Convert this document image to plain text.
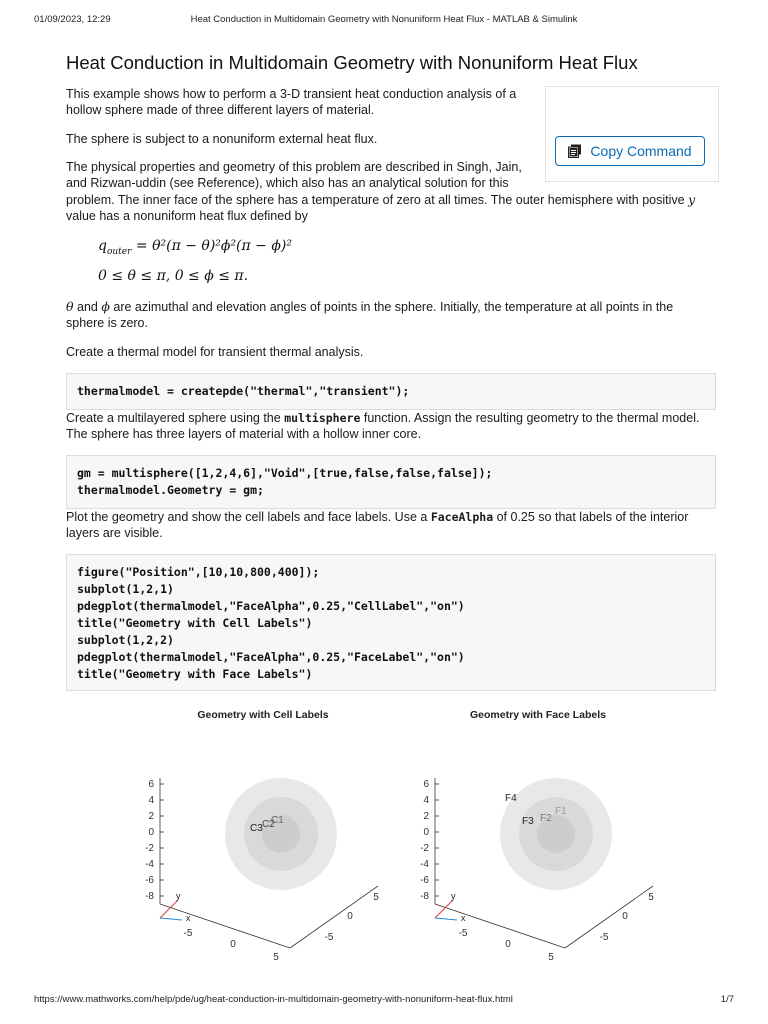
01/09/2023, 12:29	Heat Conduction in Multidomain Geometry with Nonuniform Heat Flux - MATLAB & Simulink
Heat Conduction in Multidomain Geometry with Nonuniform Heat Flux

This example shows how to perform a 3-D transient heat conduction analysis of a hollow sphere made of three different layers of material.

The sphere is subject to a nonuniform external heat flux.

The physical properties and geometry of this problem are described in Singh, Jain,
and Rizwan-uddin (see Reference), which also has an analytical solution for this
problem. The inner face of the sphere has a temperature of zero at all times. The outer hemisphere with positive y
value has a nonuniform heat flux defined by
Copy Command
$q_{outer} = \theta^2(\pi - \theta)^2\phi^2(\pi - \phi)^2$
0 ≤ θ ≤ π, 0 ≤ ϕ ≤ π.
θ and ϕ are azimuthal and elevation angles of points in the sphere. Initially, the temperature at all points in the
sphere is zero.

Create a thermal model for transient thermal analysis.

thermalmodel = createpde("thermal","transient");
Create a multilayered sphere using the multisphere function. Assign the resulting geometry to the thermal model.
The sphere has three layers of material with a hollow inner core.
gm = multisphere([1,2,4,6],"Void",[true,false,false,false]);
thermalmodel.Geometry = gm;
Plot the geometry and show the cell labels and face labels. Use a FaceAlpha of 0.25 so that labels of the interior
layers are visible.
figure("Position",[10,10,800,400]);
subplot(1,2,1)
pdegplot(thermalmodel,"FaceAlpha",0.25,"CellLabel","on")
title("Geometry with Cell Labels")
subplot(1,2,2)
pdegplot(thermalmodel,"FaceAlpha",0.25,"FaceLabel","on")
title("Geometry with Face Labels")
Geometry with Cell Labels
6
4
2
0
-2
-4
-6
-8 y
x
-5
0
5
-5
0
5
C3 C2
C1
Geometry with Face Labels
6
4
2
0
-2
-4
-6
-8 y
x
-5
0
5
-5
0
5
F4
F3 F2
F1
https://www.mathworks.com/help/pde/ug/heat-conduction-in-multidomain-geometry-with-nonuniform-heat-flux.html	1/7
